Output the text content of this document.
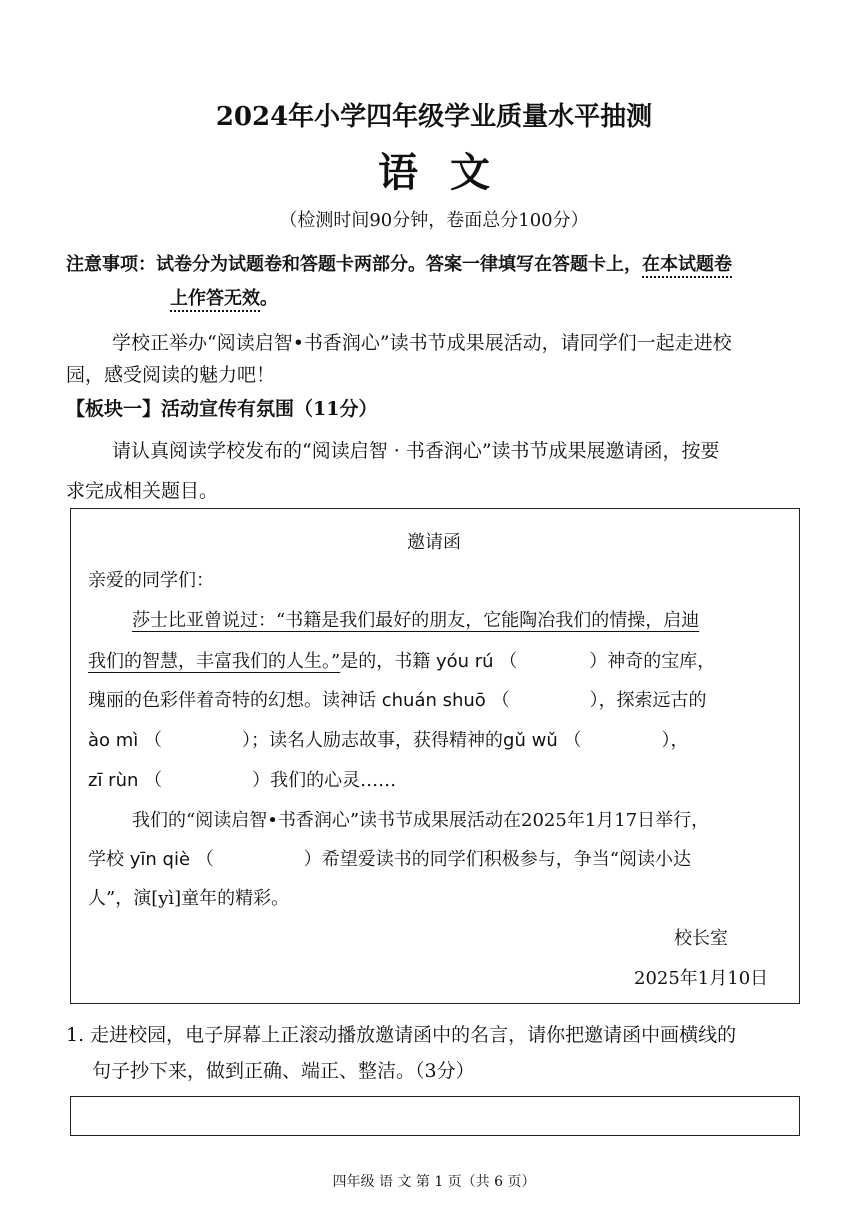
2024年小学四年级学业质量水平抽测
语文
（检测时间90分钟，卷面总分100分）
注意事项：试卷分为试题卷和答题卡两部分。答案一律填写在答题卡上，在本试题卷
上作答无效。
学校正举办“阅读启智•书香润心”读书节成果展活动，请同学们一起走进校
园，感受阅读的魅力吧！
【板块一】活动宣传有氛围（11分）
请认真阅读学校发布的“阅读启智 · 书香润心”读书节成果展邀请函，按要
求完成相关题目。
邀请函
亲爱的同学们：
莎士比亚曾说过：“书籍是我们最好的朋友，它能陶冶我们的情操，启迪
我们的智慧，丰富我们的人生。”是的，书籍 yóu rú （	）神奇的宝库，
瑰丽的色彩伴着奇特的幻想。读神话 chuán shuō （	），探索远古的
ào mì （	）；读名人励志故事，获得精神的gǔ wǔ （	），
zī rùn （	）我们的心灵……
我们的“阅读启智•书香润心”读书节成果展活动在2025年1月17日举行，
学校 yīn qiè （	）希望爱读书的同学们积极参与，争当“阅读小达
人”，演[yì]童年的精彩。
校长室
2025年1月10日
1. 走进校园，电子屏幕上正滚动播放邀请函中的名言，请你把邀请函中画横线的
句子抄下来，做到正确、端正、整洁。（3分）
四年级 语 文 第 1 页（共 6 页）
